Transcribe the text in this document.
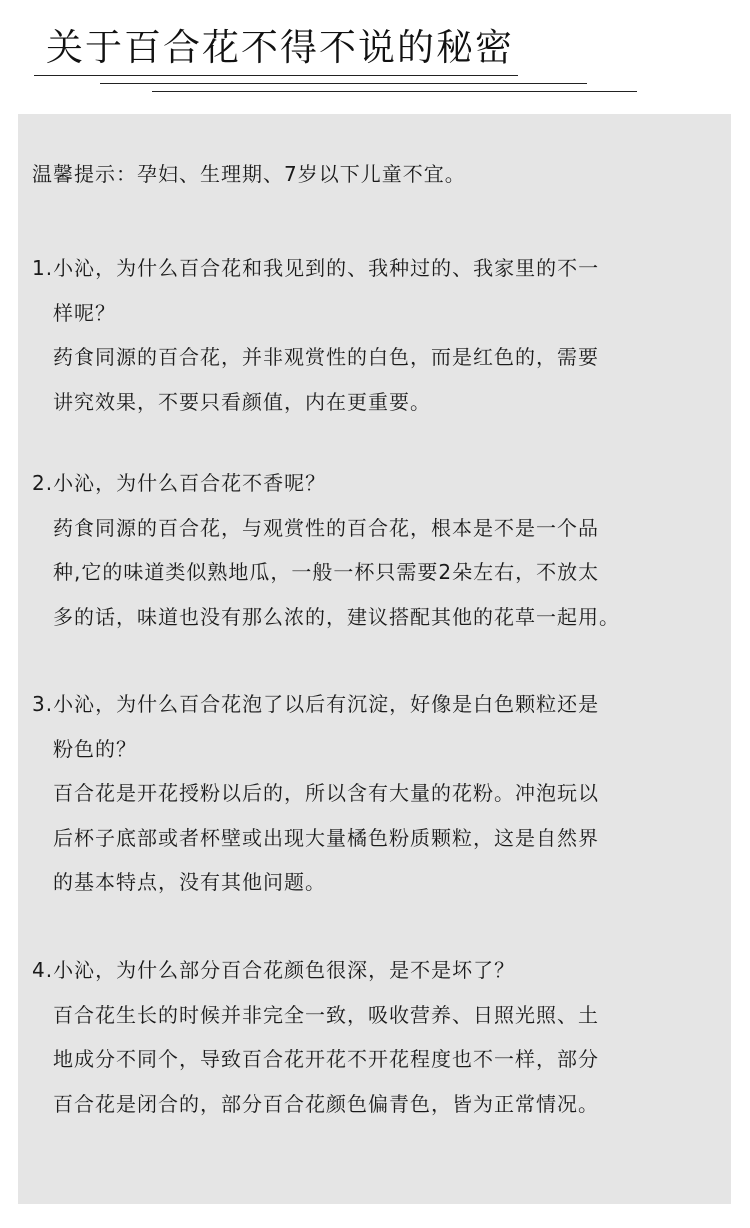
关于百合花不得不说的秘密

温馨提示：孕妇、生理期、7岁以下儿童不宜。

1.小沁，为什么百合花和我见到的、我种过的、我家里的不一
样呢？
药食同源的百合花，并非观赏性的白色，而是红色的，需要
讲究效果，不要只看颜值，内在更重要。
2.小沁，为什么百合花不香呢？
药食同源的百合花，与观赏性的百合花，根本是不是一个品
种,它的味道类似熟地瓜，一般一杯只需要2朵左右，不放太
多的话，味道也没有那么浓的，建议搭配其他的花草一起用。
3.小沁，为什么百合花泡了以后有沉淀，好像是白色颗粒还是
粉色的？
百合花是开花授粉以后的，所以含有大量的花粉。冲泡玩以
后杯子底部或者杯壁或出现大量橘色粉质颗粒，这是自然界
的基本特点，没有其他问题。
4.小沁，为什么部分百合花颜色很深，是不是坏了？
百合花生长的时候并非完全一致，吸收营养、日照光照、土
地成分不同个，导致百合花开花不开花程度也不一样，部分
百合花是闭合的，部分百合花颜色偏青色，皆为正常情况。
